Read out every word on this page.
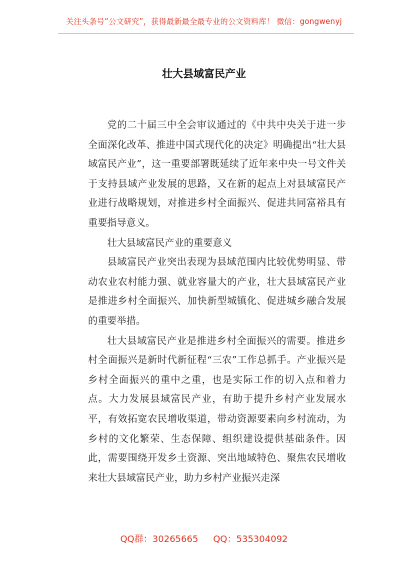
关注头条号“公文研究”，获得最新最全最专业的公文资料库！ 微信：gongwenyj
壮大县域富民产业

党的二十届三中全会审议通过的《中共中央关于进一步全面深化改革、推进中国式现代化的决定》明确提出“壮大县域富民产业”，这一重要部署既延续了近年来中央一号文件关于支持县域产业发展的思路，又在新的起点上对县域富民产业进行战略规划，对推进乡村全面振兴、促进共同富裕具有重要指导意义。

壮大县域富民产业的重要意义

县域富民产业突出表现为县域范围内比较优势明显、带动农业农村能力强、就业容量大的产业，壮大县域富民产业是推进乡村全面振兴、加快新型城镇化、促进城乡融合发展的重要举措。

壮大县域富民产业是推进乡村全面振兴的需要。推进乡村全面振兴是新时代新征程“三农”工作总抓手。产业振兴是乡村全面振兴的重中之重，也是实际工作的切入点和着力点。大力发展县域富民产业，有助于提升乡村产业发展水平，有效拓宽农民增收渠道，带动资源要素向乡村流动，为乡村的文化繁荣、生态保障、组织建设提供基础条件。因此，需要围绕开发乡土资源、突出地域特色、聚焦农民增收来壮大县域富民产业，助力乡村产业振兴走深

QQ群：30265665 QQ：535304092
